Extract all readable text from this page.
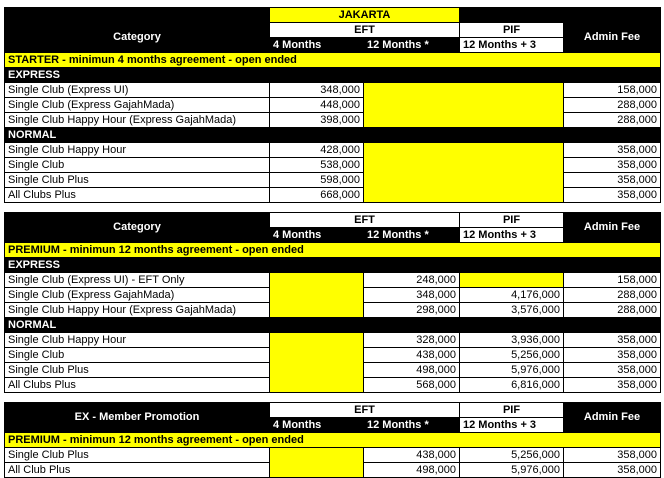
	JAKARTA			
Category	EFT		PIF	Admin Fee
	4 Months	12 Months *	12 Months + 3	
STARTER - minimun 4 months agreement - open ended				
EXPRESS				
Single Club (Express UI)	348,000			158,000
Single Club (Express GajahMada)	448,000			288,000
Single Club Happy Hour (Express GajahMada)	398,000			288,000
NORMAL				
Single Club Happy Hour	428,000			358,000
Single Club	538,000			358,000
Single Club Plus	598,000			358,000
All Clubs Plus	668,000			358,000

Category	EFT		PIF	Admin Fee
	4 Months	12 Months *	12 Months + 3	
PREMIUM - minimun 12 months agreement - open ended				
EXPRESS				
Single Club (Express UI) - EFT Only		248,000		158,000
Single Club (Express GajahMada)		348,000	4,176,000	288,000
Single Club Happy Hour (Express GajahMada)		298,000	3,576,000	288,000
NORMAL				
Single Club Happy Hour		328,000	3,936,000	358,000
Single Club		438,000	5,256,000	358,000
Single Club Plus		498,000	5,976,000	358,000
All Clubs Plus		568,000	6,816,000	358,000

EX - Member Promotion	EFT		PIF	Admin Fee
	4 Months	12 Months *	12 Months + 3	
PREMIUM - minimun 12 months agreement - open ended				
Single Club Plus		438,000	5,256,000	358,000
All Club Plus		498,000	5,976,000	358,000
